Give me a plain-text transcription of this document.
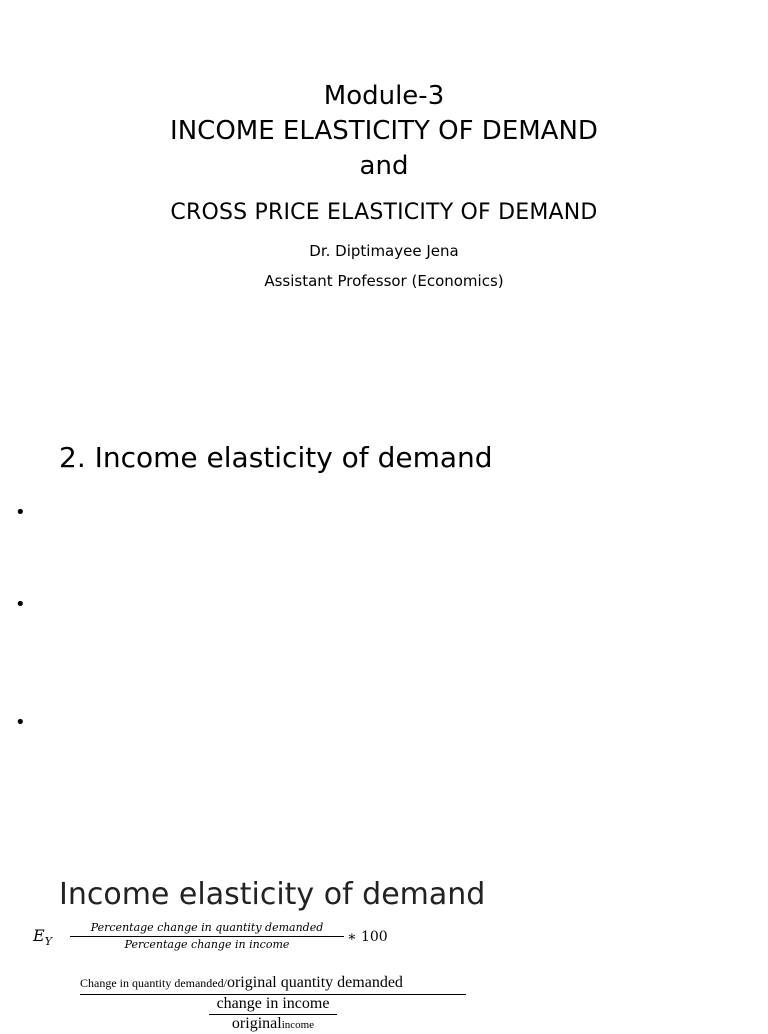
Module-3
INCOME ELASTICITY OF DEMAND
and
CROSS PRICE ELASTICITY OF DEMAND
Dr. Diptimayee Jena
Assistant Professor (Economics)
2. Income elasticity of demand
•
•
•
Income elasticity of demand
$E_Y$
Percentage change in quantity demanded
Percentage change in income	∗ 100
Change in quantity demanded/original quantity demanded
change in income
originalincome
